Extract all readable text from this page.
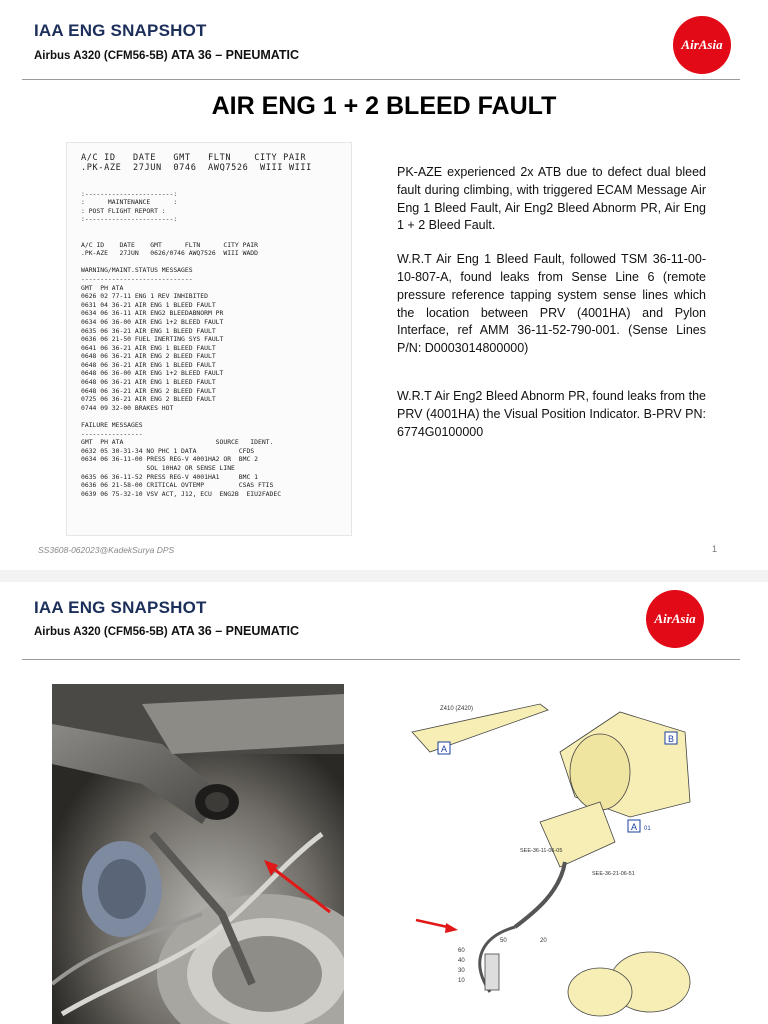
IAA ENG SNAPSHOT
Airbus A320 (CFM56-5B) ATA 36 – PNEUMATIC
AirAsia
AIR ENG 1 + 2 BLEED FAULT
A/C ID   DATE   GMT   FLTN    CITY PAIR
.PK-AZE  27JUN  0746  AWQ7526  WIII WIII

:-----------------------:
:      MAINTENANCE      :
: POST FLIGHT REPORT :
:-----------------------:

A/C ID    DATE    GMT      FLTN      CITY PAIR
.PK-AZE   27JUN   0626/0746 AWQ7526  WIII WADD

WARNING/MAINT.STATUS MESSAGES
-----------------------------
GMT  PH ATA
0626 02 77-11 ENG 1 REV INHIBITED
0631 04 36-21 AIR ENG 1 BLEED FAULT
0634 06 36-11 AIR ENG2 BLEEDABNORM PR
0634 06 36-00 AIR ENG 1+2 BLEED FAULT
0635 06 36-21 AIR ENG 1 BLEED FAULT
0636 06 21-50 FUEL INERTING SYS FAULT
0641 06 36-21 AIR ENG 1 BLEED FAULT
0648 06 36-21 AIR ENG 2 BLEED FAULT
0648 06 36-21 AIR ENG 1 BLEED FAULT
0648 06 36-00 AIR ENG 1+2 BLEED FAULT
0648 06 36-21 AIR ENG 1 BLEED FAULT
0648 06 36-21 AIR ENG 2 BLEED FAULT
0725 06 36-21 AIR ENG 2 BLEED FAULT
0744 09 32-00 BRAKES HOT

FAILURE MESSAGES
----------------
GMT  PH ATA                        SOURCE   IDENT.
0632 05 30-31-34 NO PHC 1 DATA           CFDS
0634 06 36-11-00 PRESS REG-V 4001HA2 OR  BMC 2
SOL 10HA2 OR SENSE LINE
0635 06 36-11-52 PRESS REG-V 4001HA1     BMC 1
0636 06 21-58-00 CRITICAL OVTEMP         CSAS FTIS
0639 06 75-32-10 VSV ACT, J12, ECU  ENG2B  EIU2FADEC

PK-AZE experienced 2x ATB due to defect dual bleed fault during climbing, with triggered ECAM Message Air Eng 1 Bleed Fault, Air Eng2 Bleed Abnorm PR, Air Eng 1 + 2 Bleed Fault.

W.R.T Air Eng 1 Bleed Fault, followed TSM 36-11-00-10-807-A, found leaks from Sense Line 6 (remote pressure reference tapping system sense lines which the location between PRV (4001HA) and Pylon Interface, ref AMM 36-11-52-790-001. (Sense Lines P/N: D0003014800000)

W.R.T Air Eng2 Bleed Abnorm PR, found leaks from the PRV (4001HA) the Visual Position Indicator. B-PRV PN: 6774G0100000

SS3608-062023@KadekSurya DPS	1
IAA ENG SNAPSHOT
Airbus A320 (CFM56-5B) ATA 36 – PNEUMATIC
AirAsia
A
B
A 01
Z410 (Z420)
SEE-36-11-06-05
SEE-36-21-06-51
50	20
60
40
30
10
